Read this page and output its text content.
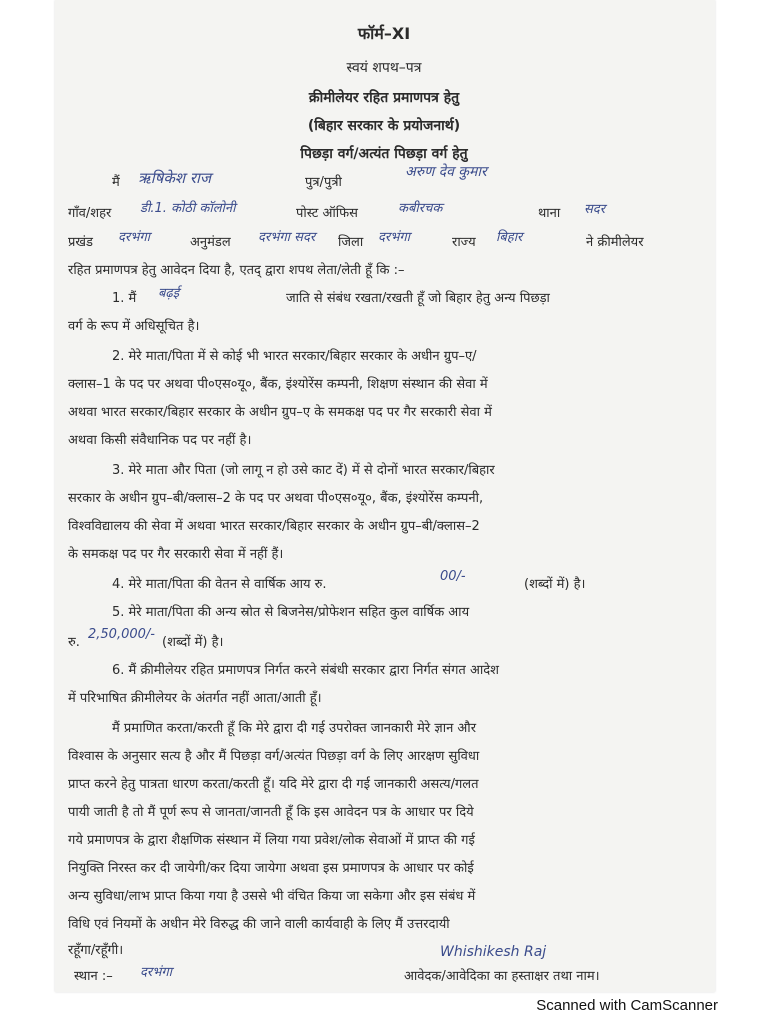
फॉर्म–XI
स्वयं शपथ–पत्र
क्रीमीलेयर रहित प्रमाणपत्र हेतु
(बिहार सरकार के प्रयोजनार्थ)
पिछड़ा वर्ग/अत्यंत पिछड़ा वर्ग हेतु
मैं ऋषिकेश राज	पुत्र/पुत्री
अरुण देव कुमार
गाँव/शहर डी.1. कोठी कॉलोनी	पोस्ट ऑफिस	कबीरचक	थाना सदर
प्रखंड दरभंगा	अनुमंडल दरभंगा सदर जिला दरभंगा	राज्य बिहार	ने क्रीमीलेयर
रहित प्रमाणपत्र हेतु आवेदन दिया है, एतद् द्वारा शपथ लेता/लेती हूँ कि :–
1. मैं बढ़ई	जाति से संबंध रखता/रखती हूँ जो बिहार हेतु अन्य पिछड़ा
वर्ग के रूप में अधिसूचित है।
2. मेरे माता/पिता में से कोई भी भारत सरकार/बिहार सरकार के अधीन ग्रुप–ए/
क्लास–1 के पद पर अथवा पी०एस०यू०, बैंक, इंश्योरेंस कम्पनी, शिक्षण संस्थान की सेवा में
अथवा भारत सरकार/बिहार सरकार के अधीन ग्रुप–ए के समकक्ष पद पर गैर सरकारी सेवा में
अथवा किसी संवैधानिक पद पर नहीं है।
3. मेरे माता और पिता (जो लागू न हो उसे काट दें) में से दोनों भारत सरकार/बिहार
सरकार के अधीन ग्रुप–बी/क्लास–2 के पद पर अथवा पी०एस०यू०, बैंक, इंश्योरेंस कम्पनी,
विश्वविद्यालय की सेवा में अथवा भारत सरकार/बिहार सरकार के अधीन ग्रुप–बी/क्लास–2
के समकक्ष पद पर गैर सरकारी सेवा में नहीं हैं।
4. मेरे माता/पिता की वेतन से वार्षिक आय रु.
00/-
(शब्दों में) है।
5. मेरे माता/पिता की अन्य स्रोत से बिजनेस/प्रोफेशन सहित कुल वार्षिक आय
रु.
2,50,000/-
(शब्दों में) है।
6. मैं क्रीमीलेयर रहित प्रमाणपत्र निर्गत करने संबंधी सरकार द्वारा निर्गत संगत आदेश
में परिभाषित क्रीमीलेयर के अंतर्गत नहीं आता/आती हूँ।
मैं प्रमाणित करता/करती हूँ कि मेरे द्वारा दी गई उपरोक्त जानकारी मेरे ज्ञान और
विश्वास के अनुसार सत्य है और मैं पिछड़ा वर्ग/अत्यंत पिछड़ा वर्ग के लिए आरक्षण सुविधा
प्राप्त करने हेतु पात्रता धारण करता/करती हूँ। यदि मेरे द्वारा दी गई जानकारी असत्य/गलत
पायी जाती है तो मैं पूर्ण रूप से जानता/जानती हूँ कि इस आवेदन पत्र के आधार पर दिये
गये प्रमाणपत्र के द्वारा शैक्षणिक संस्थान में लिया गया प्रवेश/लोक सेवाओं में प्राप्त की गई
नियुक्ति निरस्त कर दी जायेगी/कर दिया जायेगा अथवा इस प्रमाणपत्र के आधार पर कोई
अन्य सुविधा/लाभ प्राप्त किया गया है उससे भी वंचित किया जा सकेगा और इस संबंध में
विधि एवं नियमों के अधीन मेरे विरुद्ध की जाने वाली कार्यवाही के लिए मैं उत्तरदायी
रहूँगा/रहूँगी।	Whishikesh Raj
आवेदक/आवेदिका का हस्ताक्षर तथा नाम।
स्थान :– दरभंगा
Scanned with CamScanner
